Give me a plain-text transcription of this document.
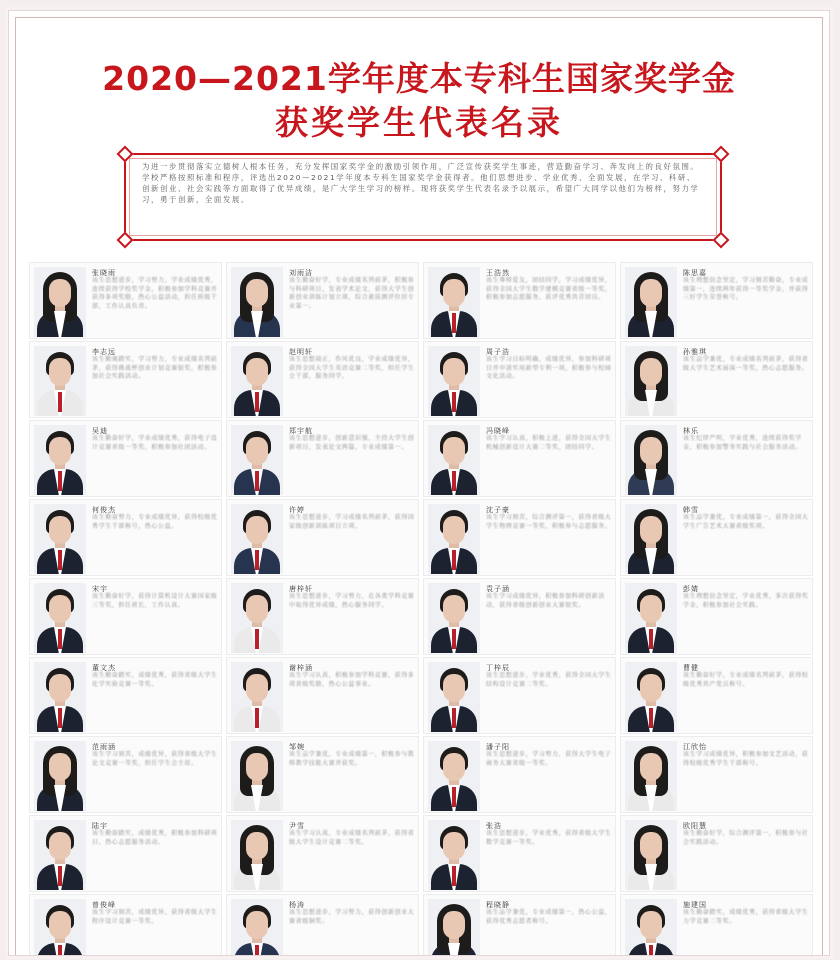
2020—2021学年度本专科生国家奖学金
获奖学生代表名录
为进一步贯彻落实立德树人根本任务，充分发挥国家奖学金的激励引领作用，广泛宣传获奖学生事迹，营造勤奋学习、奔发向上的良好氛围。学校严格按照标准和程序，评选出2020—2021学年度本专科生国家奖学金获得者。他们思想进步、学业优秀、全面发展，在学习、科研、创新创业、社会实践等方面取得了优异成绩，是广大学生学习的榜样。现将获奖学生代表名录予以展示，希望广大同学以他们为榜样，努力学习，勇于创新，全面发展。
张晓雨
该生思想进步，学习努力，学业成绩优秀，连续获得学校奖学金，积极参加学科竞赛并获得多项奖励，热心公益活动，担任班级干部，工作认真负责。
刘雨洁
该生勤奋好学，专业成绩名列前茅，积极参与科研项目，发表学术论文，获得大学生创新创业训练计划立项，综合素质测评位居专业第一。
王浩然
该生尊师爱友，团结同学，学习成绩优异，获得全国大学生数学建模竞赛省级一等奖，积极参加志愿服务，获评优秀共青团员。
陈思嘉
该生理想信念坚定，学习刻苦勤奋，专业成绩第一，连续两年获得一等奖学金，并获得三好学生荣誉称号。
李志远
该生勤奥踏实，学习努力，专业成绩名列前茅，获得挑战杯创业计划竞赛银奖，积极参加社会实践活动。
赵明轩
该生思想端正，作风优良，学业成绩优异，获得全国大学生英语竞赛二等奖，担任学生会干部，服务同学。
周子浩
该生学习目标明确，成绩优异，参加科研项目并申请实用新型专利一项，积极参与校园文化活动。
孙雅琪
该生品学兼优，专业成绩名列前茅，获得省级大学生艺术展演一等奖，热心志愿服务。
吴迪
该生勤奋好学，学业成绩优秀，获得电子设计竞赛省级一等奖，积极参加社团活动。
郑宇航
该生思想进步，创新意识强，主持大学生创新项目，发表论文两篇，专业成绩第一。
冯晓峰
该生学习认真，积极上进，获得全国大学生机械创新设计大赛二等奖，团结同学。
林乐
该生纪律严明，学业优秀，连续获得奖学金，积极参加警务实践与社会服务活动。
何俊杰
该生勤奋努力，专业成绩优异，获得校级优秀学生干部称号，热心公益。
许婷
该生思想进步，学习成绩名列前茅，获得国家级创新训练项目立项。
沈子豪
该生学习刻苦，综合测评第一，获得省级大学生物理竞赛一等奖，积极参与志愿服务。
韩雪
该生品学兼优，专业成绩第一，获得全国大学生广告艺术大赛省级奖项。
宋宇
该生勤奋好学，获得计算机设计大赛国家级三等奖，担任班长，工作认真。
唐梓轩
该生思想进步，学习努力，在各类学科竞赛中取得优异成绩，热心服务同学。
袁子涵
该生学习成绩优异，积极参加科研创新活动，获得省级创新创业大赛银奖。
彭婧
该生理想信念坚定，学业优秀，多次获得奖学金，积极参加社会实践。
董文杰
该生勤奋踏实，成绩优秀，获得省级大学生化学实验竞赛一等奖。
谢梓涵
该生学习认真，积极参加学科竞赛，获得多项省级奖励，热心公益事业。
丁梓辰
该生思想进步，学业优秀，获得全国大学生结构设计竞赛二等奖。
曹健
该生勤奋好学，专业成绩名列前茅，获得校级优秀共产党员称号。
范雨涵
该生学习刻苦，成绩优异，获得省级大学生论文竞赛一等奖，担任学生会主席。
邹婉
该生品学兼优，专业成绩第一，积极参与教师教学技能大赛并获奖。
潘子阳
该生思想进步，学习努力，获得大学生电子商务大赛省级一等奖。
江欣怡
该生学习成绩优异，积极参加文艺活动，获得校级优秀学生干部称号。
陆宇
该生勤奋踏实，成绩优秀，积极参加科研项目，热心志愿服务活动。
尹雪
该生学习认真，专业成绩名列前茅，获得省级大学生设计竞赛二等奖。
张浩
该生思想进步，学业优秀，获得省级大学生数学竞赛一等奖。
欧阳慧
该生勤奋好学，综合测评第一，积极参与社会实践活动。
曾俊峰
该生学习刻苦，成绩优异，获得省级大学生程序设计竞赛一等奖。
杨涛
该生思想进步，学习努力，获得创新创业大赛省级铜奖。
程晓静
该生品学兼优，专业成绩第一，热心公益，获得优秀志愿者称号。
施建国
该生勤奋踏实，成绩优秀，获得省级大学生力学竞赛二等奖。
